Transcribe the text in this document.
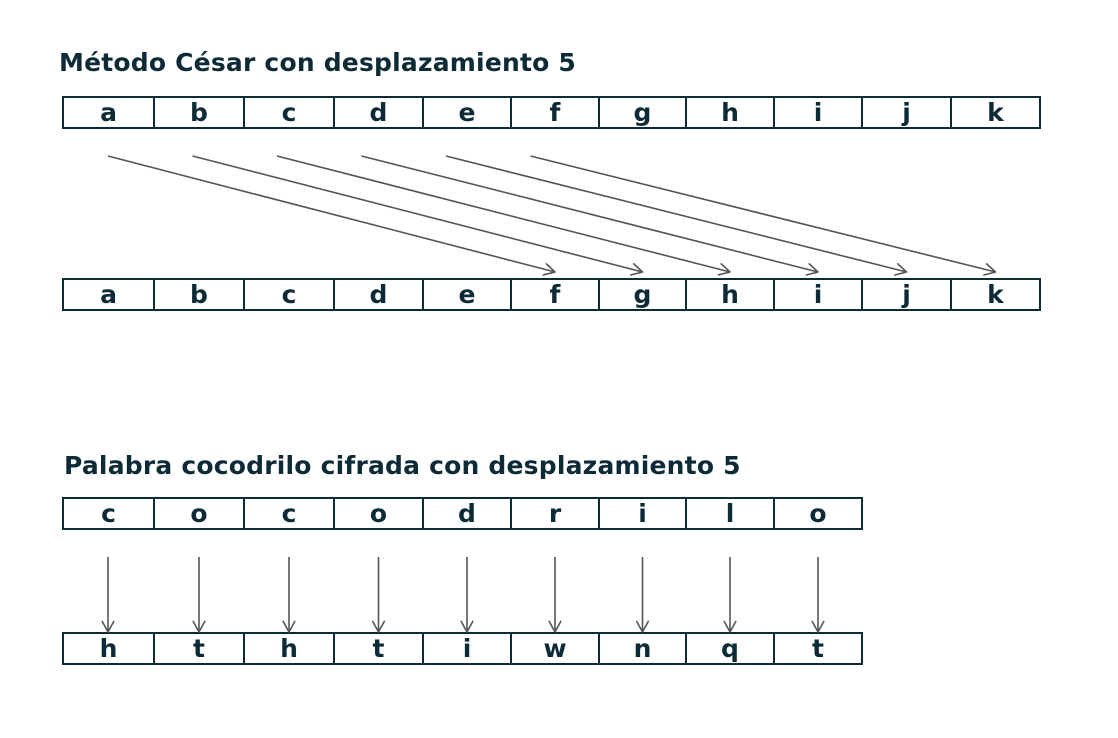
Método César con desplazamiento 5
a	b	c	d	e	f	g	h	i	j	k
a	b	c	d	e	f	g	h	i	j	k
Palabra cocodrilo cifrada con desplazamiento 5
c	o	c	o	d	r	i	l	o
h	t	h	t	i	w	n	q	t
